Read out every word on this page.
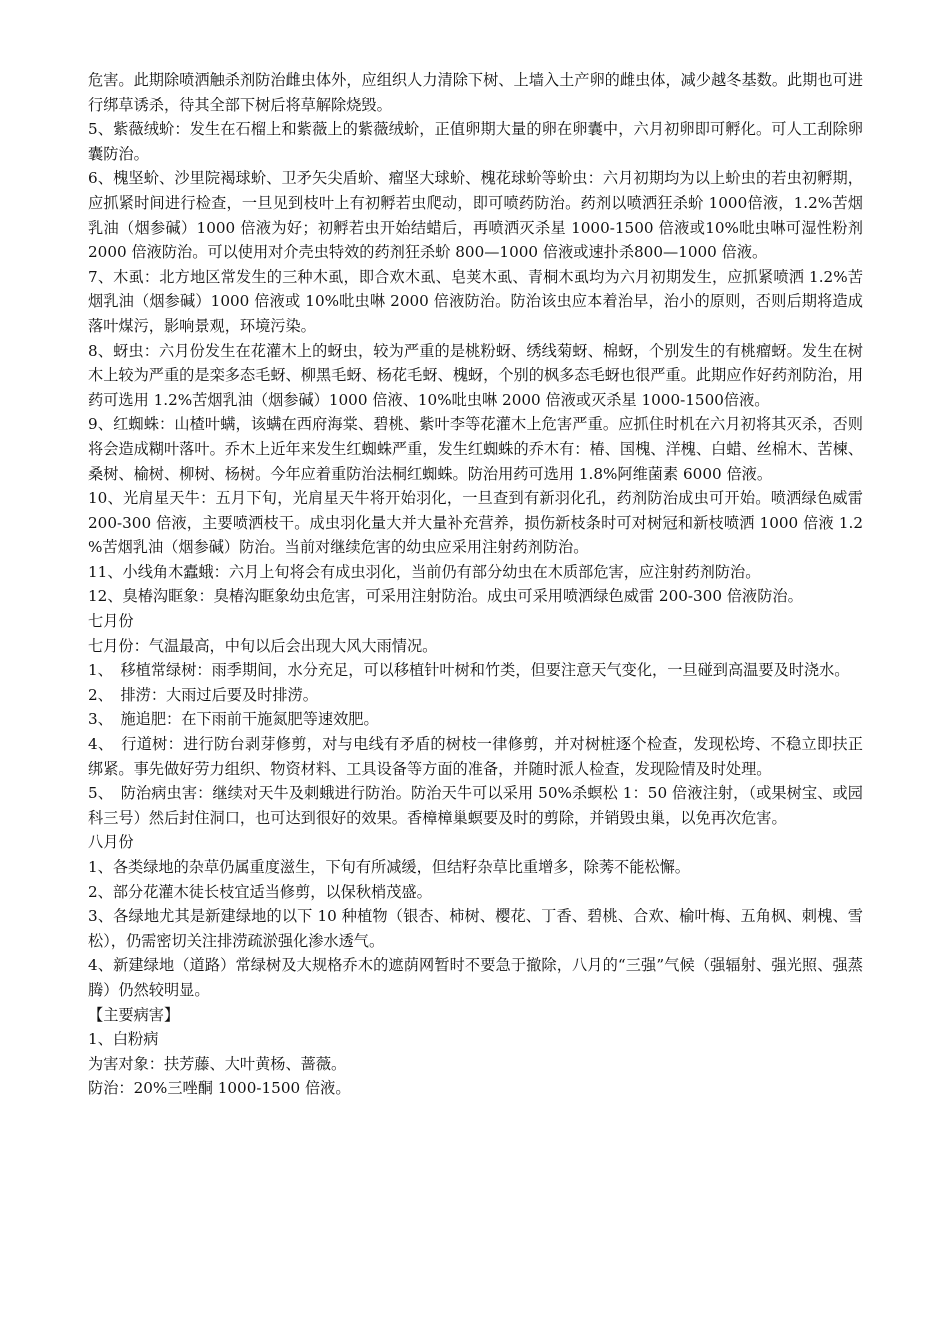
危害。此期除喷洒触杀剂防治雌虫体外，应组织人力清除下树、上墙入土产卵的雌虫体，减少越冬基数。此期也可进行绑草诱杀，待其全部下树后将草解除烧毁。

5、紫薇绒蚧：发生在石榴上和紫薇上的紫薇绒蚧，正值卵期大量的卵在卵囊中，六月初卵即可孵化。可人工刮除卵囊防治。

6、槐坚蚧、沙里院褐球蚧、卫矛矢尖盾蚧、瘤坚大球蚧、槐花球蚧等蚧虫：六月初期均为以上蚧虫的若虫初孵期，应抓紧时间进行检查，一旦见到枝叶上有初孵若虫爬动，即可喷药防治。药剂以喷洒狂杀蚧 1000倍液，1.2%苦烟乳油（烟参碱）1000 倍液为好；初孵若虫开始结蜡后，再喷洒灭杀星 1000-1500 倍液或10%吡虫啉可湿性粉剂 2000 倍液防治。可以使用对介壳虫特效的药剂狂杀蚧 800—1000 倍液或速扑杀800—1000 倍液。

7、木虱：北方地区常发生的三种木虱，即合欢木虱、皂荚木虱、青桐木虱均为六月初期发生，应抓紧喷洒 1.2%苦烟乳油（烟参碱）1000 倍液或 10%吡虫啉 2000 倍液防治。防治该虫应本着治早，治小的原则，否则后期将造成落叶煤污，影响景观，环境污染。

8、蚜虫：六月份发生在花灌木上的蚜虫，较为严重的是桃粉蚜、绣线菊蚜、棉蚜，个别发生的有桃瘤蚜。发生在树木上较为严重的是栾多态毛蚜、柳黑毛蚜、杨花毛蚜、槐蚜，个别的枫多态毛蚜也很严重。此期应作好药剂防治，用药可选用 1.2%苦烟乳油（烟参碱）1000 倍液、10%吡虫啉 2000 倍液或灭杀星 1000-1500倍液。

9、红蜘蛛：山楂叶螨，该螨在西府海棠、碧桃、紫叶李等花灌木上危害严重。应抓住时机在六月初将其灭杀，否则将会造成糊叶落叶。乔木上近年来发生红蜘蛛严重，发生红蜘蛛的乔木有：椿、国槐、洋槐、白蜡、丝棉木、苦楝、桑树、榆树、柳树、杨树。今年应着重防治法桐红蜘蛛。防治用药可选用 1.8%阿维菌素 6000 倍液。

10、光肩星天牛：五月下旬，光肩星天牛将开始羽化，一旦查到有新羽化孔，药剂防治成虫可开始。喷洒绿色威雷 200-300 倍液，主要喷洒枝干。成虫羽化量大并大量补充营养，损伤新枝条时可对树冠和新枝喷洒 1000 倍液 1.2%苦烟乳油（烟参碱）防治。当前对继续危害的幼虫应采用注射药剂防治。

11、小线角木蠹蛾：六月上旬将会有成虫羽化，当前仍有部分幼虫在木质部危害，应注射药剂防治。

12、臭椿沟眶象：臭椿沟眶象幼虫危害，可采用注射防治。成虫可采用喷洒绿色威雷 200-300 倍液防治。

七月份

七月份：气温最高，中旬以后会出现大风大雨情况。

1、　移植常绿树：雨季期间，水分充足，可以移植针叶树和竹类，但要注意天气变化，一旦碰到高温要及时浇水。

2、　排涝：大雨过后要及时排涝。

3、　施追肥：在下雨前干施氮肥等速效肥。

4、　行道树：进行防台剥芽修剪，对与电线有矛盾的树枝一律修剪，并对树桩逐个检查，发现松垮、不稳立即扶正绑紧。事先做好劳力组织、物资材料、工具设备等方面的准备，并随时派人检查，发现险情及时处理。

5、　防治病虫害：继续对天牛及刺蛾进行防治。防治天牛可以采用 50%杀螟松 1：50 倍液注射，（或果树宝、或园科三号）然后封住洞口，也可达到很好的效果。香樟樟巢螟要及时的剪除，并销毁虫巢，以免再次危害。

八月份

1、各类绿地的杂草仍属重度滋生，下旬有所减缓，但结籽杂草比重增多，除莠不能松懈。

2、部分花灌木徒长枝宜适当修剪，以保秋梢茂盛。

3、各绿地尤其是新建绿地的以下 10 种植物（银杏、柿树、樱花、丁香、碧桃、合欢、榆叶梅、五角枫、刺槐、雪松），仍需密切关注排涝疏淤强化渗水透气。

4、新建绿地（道路）常绿树及大规格乔木的遮荫网暂时不要急于撤除，八月的“三强”气候（强辐射、强光照、强蒸腾）仍然较明显。

【主要病害】

1、白粉病

为害对象：扶芳藤、大叶黄杨、蔷薇。

防治：20%三唑酮 1000-1500 倍液。
